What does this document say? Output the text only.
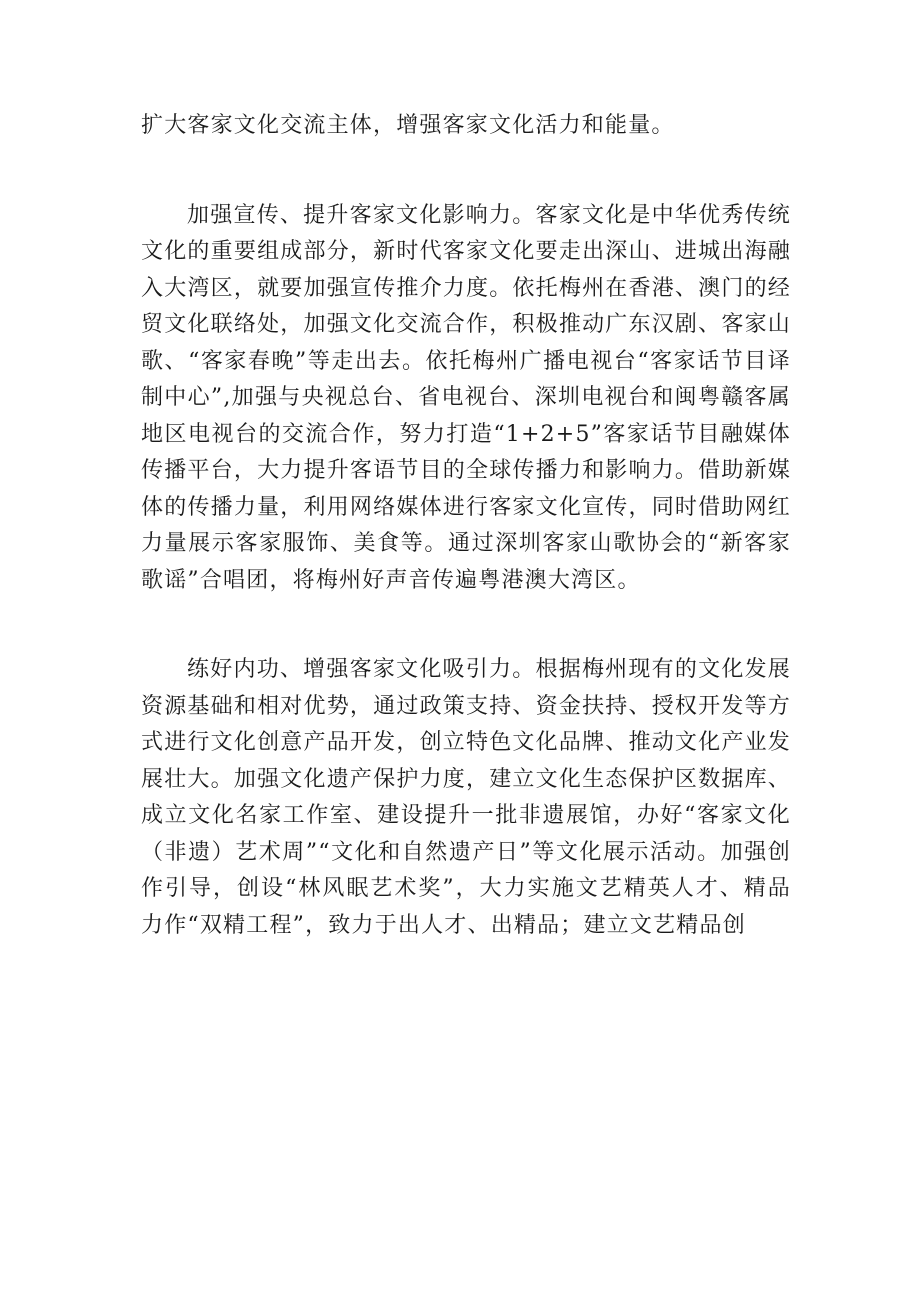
扩大客家文化交流主体，增强客家文化活力和能量。

加强宣传、提升客家文化影响力。客家文化是中华优秀传统文化的重要组成部分，新时代客家文化要走出深山、进城出海融入大湾区，就要加强宣传推介力度。依托梅州在香港、澳门的经贸文化联络处，加强文化交流合作，积极推动广东汉剧、客家山歌、“客家春晚”等走出去。依托梅州广播电视台“客家话节目译制中心”,加强与央视总台、省电视台、深圳电视台和闽粤赣客属地区电视台的交流合作，努力打造“1+2+5”客家话节目融媒体传播平台，大力提升客语节目的全球传播力和影响力。借助新媒体的传播力量，利用网络媒体进行客家文化宣传，同时借助网红力量展示客家服饰、美食等。通过深圳客家山歌协会的“新客家歌谣”合唱团，将梅州好声音传遍粤港澳大湾区。

练好内功、增强客家文化吸引力。根据梅州现有的文化发展资源基础和相对优势，通过政策支持、资金扶持、授权开发等方式进行文化创意产品开发，创立特色文化品牌、推动文化产业发展壮大。加强文化遗产保护力度，建立文化生态保护区数据库、成立文化名家工作室、建设提升一批非遗展馆，办好“客家文化（非遗）艺术周”“文化和自然遗产日”等文化展示活动。加强创作引导，创设“林风眠艺术奖”，大力实施文艺精英人才、精品力作“双精工程”，致力于出人才、出精品；建立文艺精品创
